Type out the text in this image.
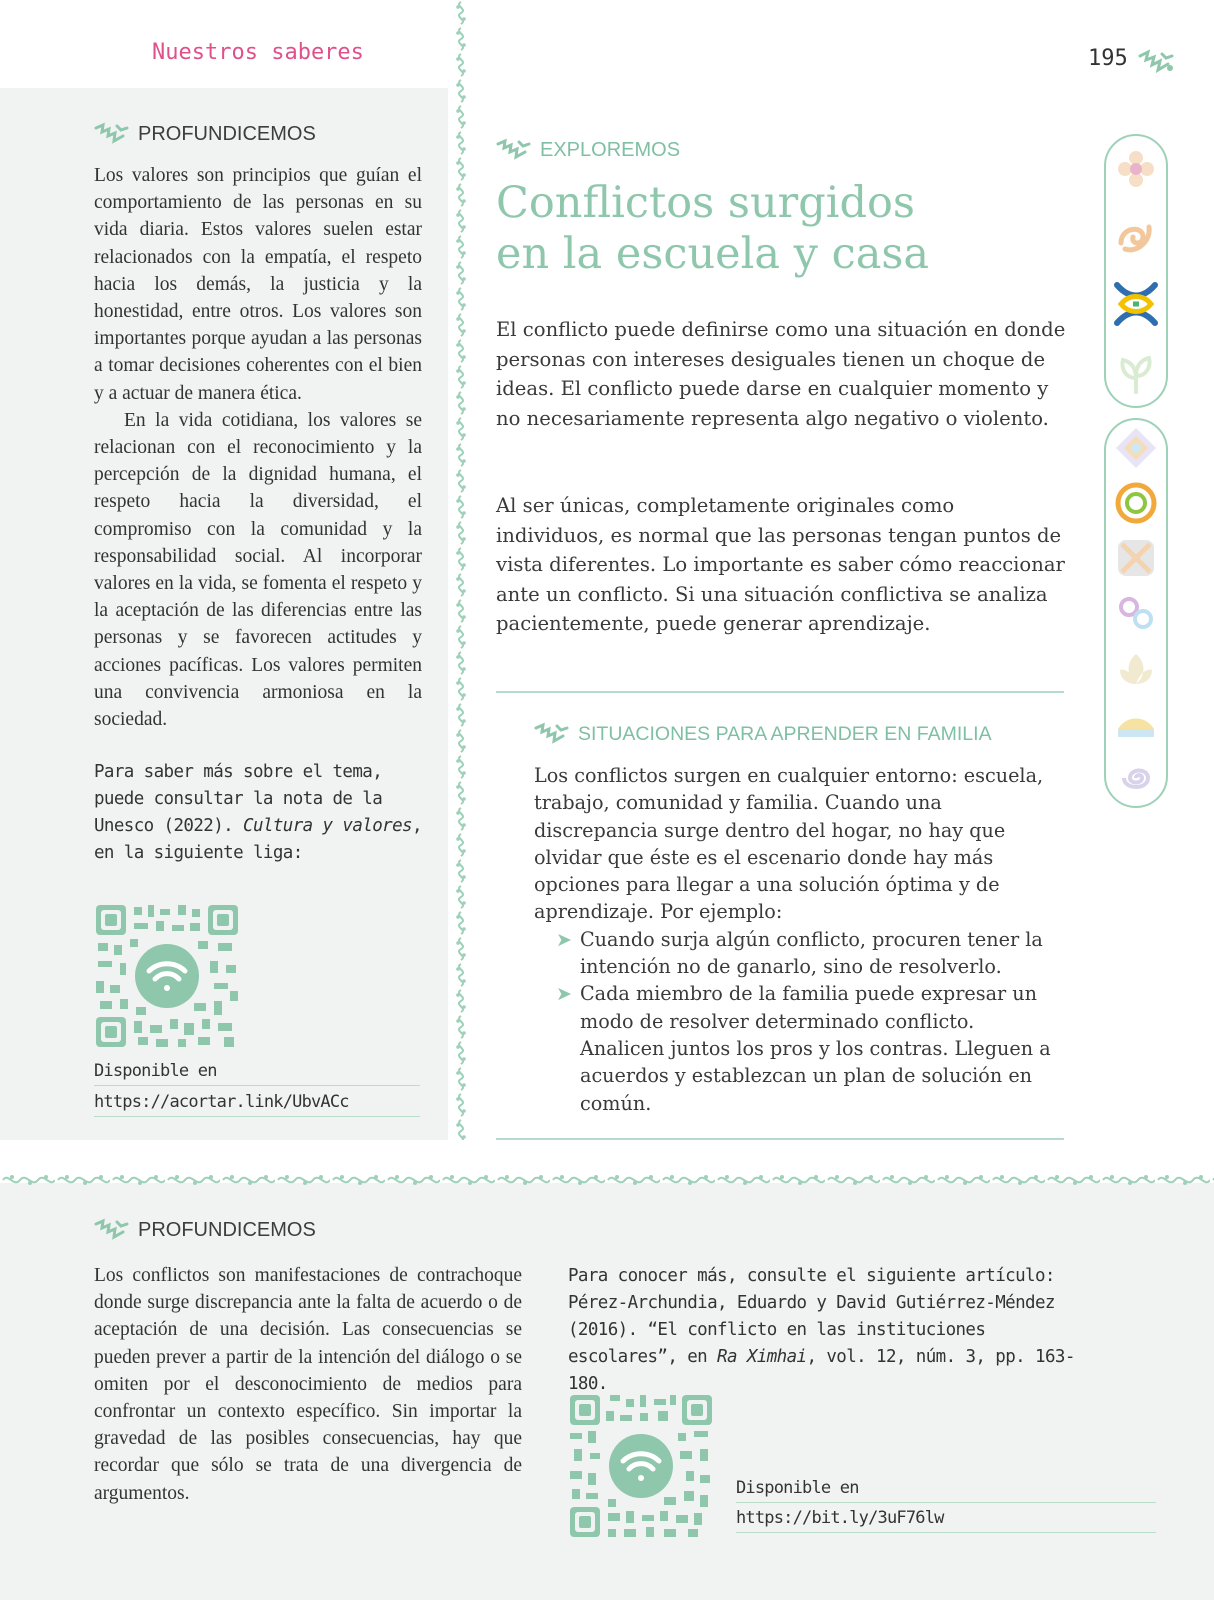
Nuestros saberes	195
PROFUNDICEMOS

Los valores son principios que guían el comportamiento de las personas en su vida diaria. Estos valores suelen estar relacionados con la empatía, el respeto hacia los demás, la justicia y la honestidad, entre otros. Los valores son importantes porque ayudan a las personas a tomar decisiones coherentes con el bien y a actuar de manera ética.

En la vida cotidiana, los valores se relacionan con el reconocimiento y la percepción de la dignidad humana, el respeto hacia la diversidad, el compromiso con la comunidad y la responsabilidad social. Al incorporar valores en la vida, se fomenta el respeto y la aceptación de las diferencias entre las personas y se favorecen actitudes y acciones pacíficas. Los valores permiten una convivencia armoniosa en la sociedad.

Para saber más sobre el tema, puede consultar la nota de la Unesco (2022). Cultura y valores, en la siguiente liga:
Disponible en
https://acortar.link/UbvACc
EXPLOREMOS
Conflictos surgidos
en la escuela y casa

El conflicto puede definirse como una situación en donde personas con intereses desiguales tienen un choque de ideas. El conflicto puede darse en cualquier momento y no necesariamente representa algo negativo o violento.

Al ser únicas, completamente originales como individuos, es normal que las personas tengan puntos de vista diferentes. Lo importante es saber cómo reaccionar ante un conflicto. Si una situación conflictiva se analiza pacientemente, puede generar aprendizaje.

SITUACIONES PARA APRENDER EN FAMILIA

Los conflictos surgen en cualquier entorno: escuela, trabajo, comunidad y familia. Cuando una discrepancia surge dentro del hogar, no hay que olvidar que éste es el escenario donde hay más opciones para llegar a una solución óptima y de aprendizaje. Por ejemplo:

➤ Cuando surja algún conflicto, procuren tener la intención no de ganarlo, sino de resolverlo.
➤ Cada miembro de la familia puede expresar un modo de resolver determinado conflicto. Analicen juntos los pros y los contras. Lleguen a acuerdos y establezcan un plan de solución en común.
PROFUNDICEMOS

Los conflictos son manifestaciones de contrachoque donde surge discrepancia ante la falta de acuerdo o de aceptación de una decisión. Las consecuencias se pueden prever a partir de la intención del diálogo o se omiten por el desconocimiento de medios para confrontar un contexto específico. Sin importar la gravedad de las posibles consecuencias, hay que recordar que sólo se trata de una divergencia de argumentos.

Para conocer más, consulte el siguiente artículo: Pérez-Archundia, Eduardo y David Gutiérrez-Méndez (2016). “El conflicto en las instituciones escolares”, en Ra Ximhai, vol. 12, núm. 3, pp. 163-180.
Disponible en
https://bit.ly/3uF76lw
